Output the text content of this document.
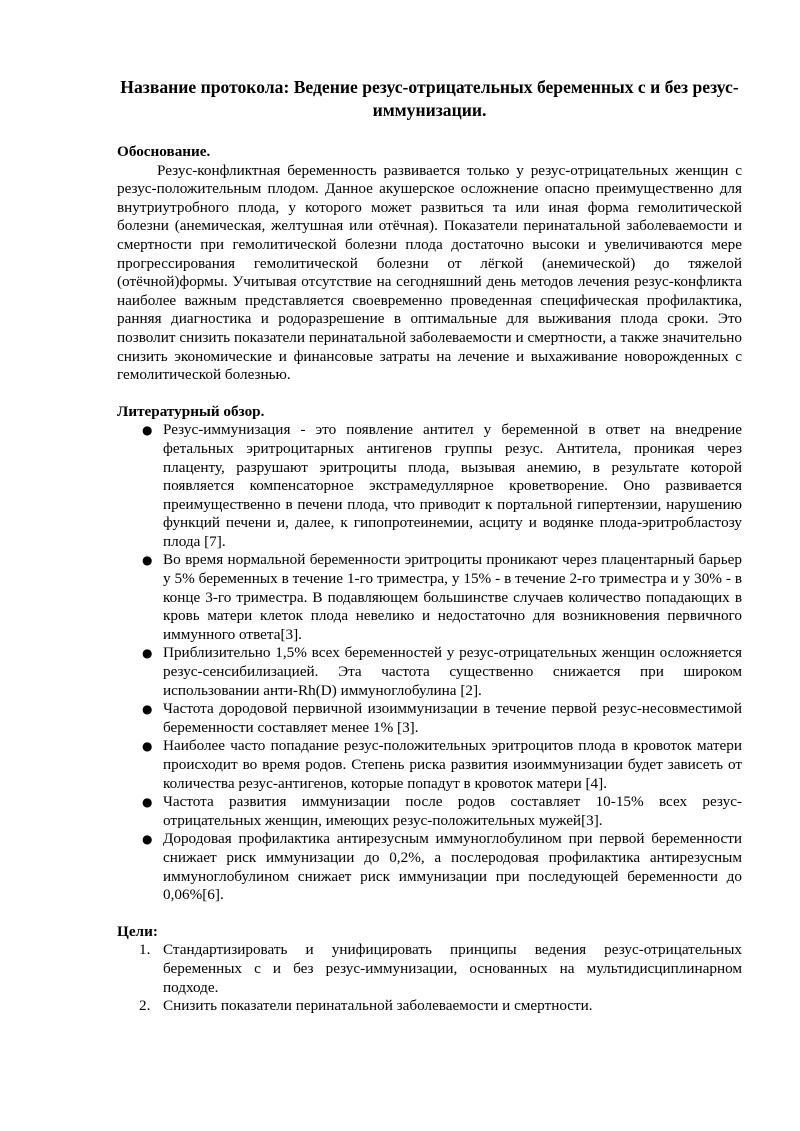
Название протокола: Ведение резус-отрицательных беременных с и без резус-иммунизации.
Обоснование.

Резус-конфликтная беременность развивается только у резус-отрицательных женщин с резус-положительным плодом. Данное акушерское осложнение опасно преимущественно для внутриутробного плода, у которого может развиться та или иная форма гемолитической болезни (анемическая, желтушная или отёчная). Показатели перинатальной заболеваемости и смертности при гемолитической болезни плода достаточно высоки и увеличиваются мере прогрессирования гемолитической болезни от лёгкой (анемической) до тяжелой (отёчной)формы. Учитывая отсутствие на сегодняшний день методов лечения резус-конфликта наиболее важным представляется своевременно проведенная специфическая профилактика, ранняя диагностика и родоразрешение в оптимальные для выживания плода сроки. Это позволит снизить показатели перинатальной заболеваемости и смертности, а также значительно снизить экономические и финансовые затраты на лечение и выхаживание новорожденных с гемолитической болезнью.

Литературный обзор.
● Резус-иммунизация - это появление антител у беременной в ответ на внедрение фетальных эритроцитарных антигенов группы резус. Антитела, проникая через плаценту, разрушают эритроциты плода, вызывая анемию, в результате которой появляется компенсаторное экстрамедуллярное кроветворение. Оно развивается преимущественно в печени плода, что приводит к портальной гипертензии, нарушению функций печени и, далее, к гипопротеинемии, асциту и водянке плода-эритробластозу плода [7].
● Во время нормальной беременности эритроциты проникают через плацентарный барьер у 5% беременных в течение 1-го триместра, у 15% - в течение 2-го триместра и у 30% - в конце 3-го триместра. В подавляющем большинстве случаев количество попадающих в кровь матери клеток плода невелико и недостаточно для возникновения первичного иммунного ответа[3].
● Приблизительно 1,5% всех беременностей у резус-отрицательных женщин осложняется резус-сенсибилизацией. Эта частота существенно снижается при широком использовании анти-Rh(D) иммуноглобулина [2].
● Частота дородовой первичной изоиммунизации в течение первой резус-несовместимой беременности составляет менее 1% [3].
● Наиболее часто попадание резус-положительных эритроцитов плода в кровоток матери происходит во время родов. Степень риска развития изоиммунизации будет зависеть от количества резус-антигенов, которые попадут в кровоток матери [4].
● Частота развития иммунизации после родов составляет 10-15% всех резус-отрицательных женщин, имеющих резус-положительных мужей[3].
● Дородовая профилактика антирезусным иммуноглобулином при первой беременности снижает риск иммунизации до 0,2%, а послеродовая профилактика антирезусным иммуноглобулином снижает риск иммунизации при последующей беременности до 0,06%[6].
Цели:
1. Стандартизировать и унифицировать принципы ведения резус-отрицательных беременных с и без резус-иммунизации, основанных на мультидисциплинарном подходе.
2. Снизить показатели перинатальной заболеваемости и смертности.
